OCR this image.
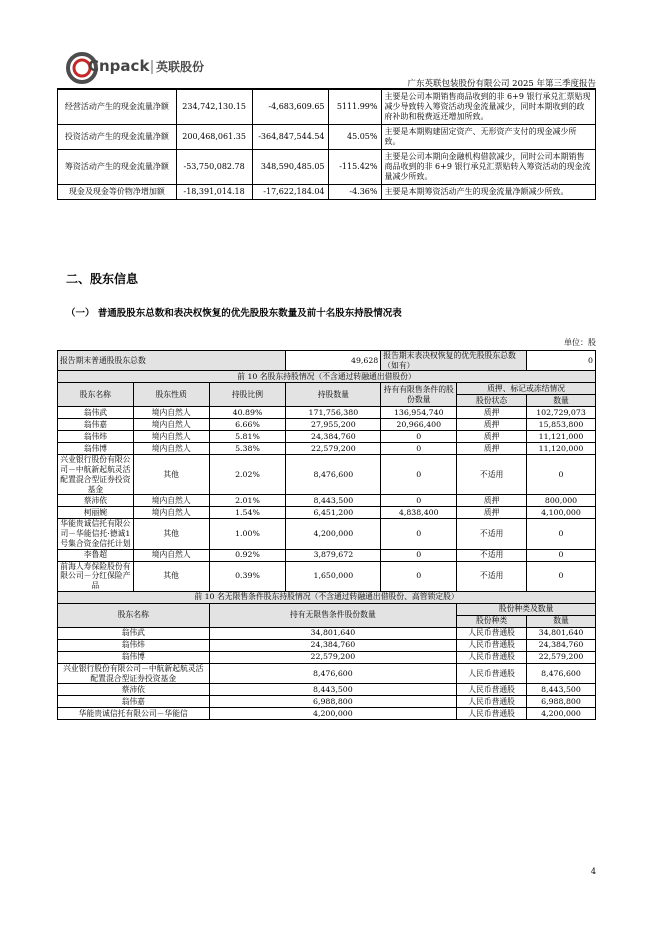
Cnpack 英联股份
广东英联包装股份有限公司 2025 年第三季度报告
经营活动产生的现金流量净额	234,742,130.15	-4,683,609.65	5111.99%	主要是公司本期销售商品收到的非 6+9 银行承兑汇票贴现减少导致转入筹资活动现金流量减少，同时本期收到的政府补助和税费返还增加所致。
投资活动产生的现金流量净额	200,468,061.35	-364,847,544.54	45.05%	主要是本期购建固定资产、无形资产支付的现金减少所致。
筹资活动产生的现金流量净额	-53,750,082.78	348,590,485.05	-115.42%	主要是公司本期向金融机构借款减少，同时公司本期销售商品收到的非 6+9 银行承兑汇票贴转入筹资活动的现金流量减少所致。
现金及现金等价物净增加额	-18,391,014.18	-17,622,184.04	-4.36%	主要是本期筹资活动产生的现金流量净额减少所致。
二、股东信息
（一） 普通股股东总数和表决权恢复的优先股股东数量及前十名股东持股情况表
单位：股
报告期末普通股股东总数			49,628	报告期末表决权恢复的优先股股东总数（如有）		0
前 10 名股东持股情况（不含通过转融通出借股份）						
股东名称	股东性质	持股比例	持股数量	持有有限售条件的股份数量	质押、标记或冻结情况	
					股份状态	数量
翁伟武	境内自然人	40.89%	171,756,380	136,954,740	质押	102,729,073
翁伟嘉	境内自然人	6.66%	27,955,200	20,966,400	质押	15,853,800
翁伟炜	境内自然人	5.81%	24,384,760	0	质押	11,121,000
翁伟博	境内自然人	5.38%	22,579,200	0	质押	11,120,000
兴业银行股份有限公司－中航新起航灵活配置混合型证券投资基金	其他	2.02%	8,476,600	0	不适用	0
蔡沛依	境内自然人	2.01%	8,443,500	0	质押	800,000
柯丽婉	境内自然人	1.54%	6,451,200	4,838,400	质押	4,100,000
华能贵诚信托有限公司－华能信托·德诚1号集合资金信托计划	其他	1.00%	4,200,000	0	不适用	0
李鲁超	境内自然人	0.92%	3,879,672	0	不适用	0
前海人寿保险股份有限公司－分红保险产品	其他	0.39%	1,650,000	0	不适用	0
前 10 名无限售条件股东持股情况（不含通过转融通出借股份、高管锁定股）						
股东名称		持有无限售条件股份数量			股份种类及数量	
					股份种类	数量
翁伟武		34,801,640			人民币普通股	34,801,640
翁伟炜		24,384,760			人民币普通股	24,384,760
翁伟博		22,579,200			人民币普通股	22,579,200
兴业银行股份有限公司－中航新起航灵活配置混合型证券投资基金		8,476,600			人民币普通股	8,476,600
蔡沛依		8,443,500			人民币普通股	8,443,500
翁伟嘉		6,988,800			人民币普通股	6,988,800
华能贵诚信托有限公司－华能信		4,200,000			人民币普通股	4,200,000
4
